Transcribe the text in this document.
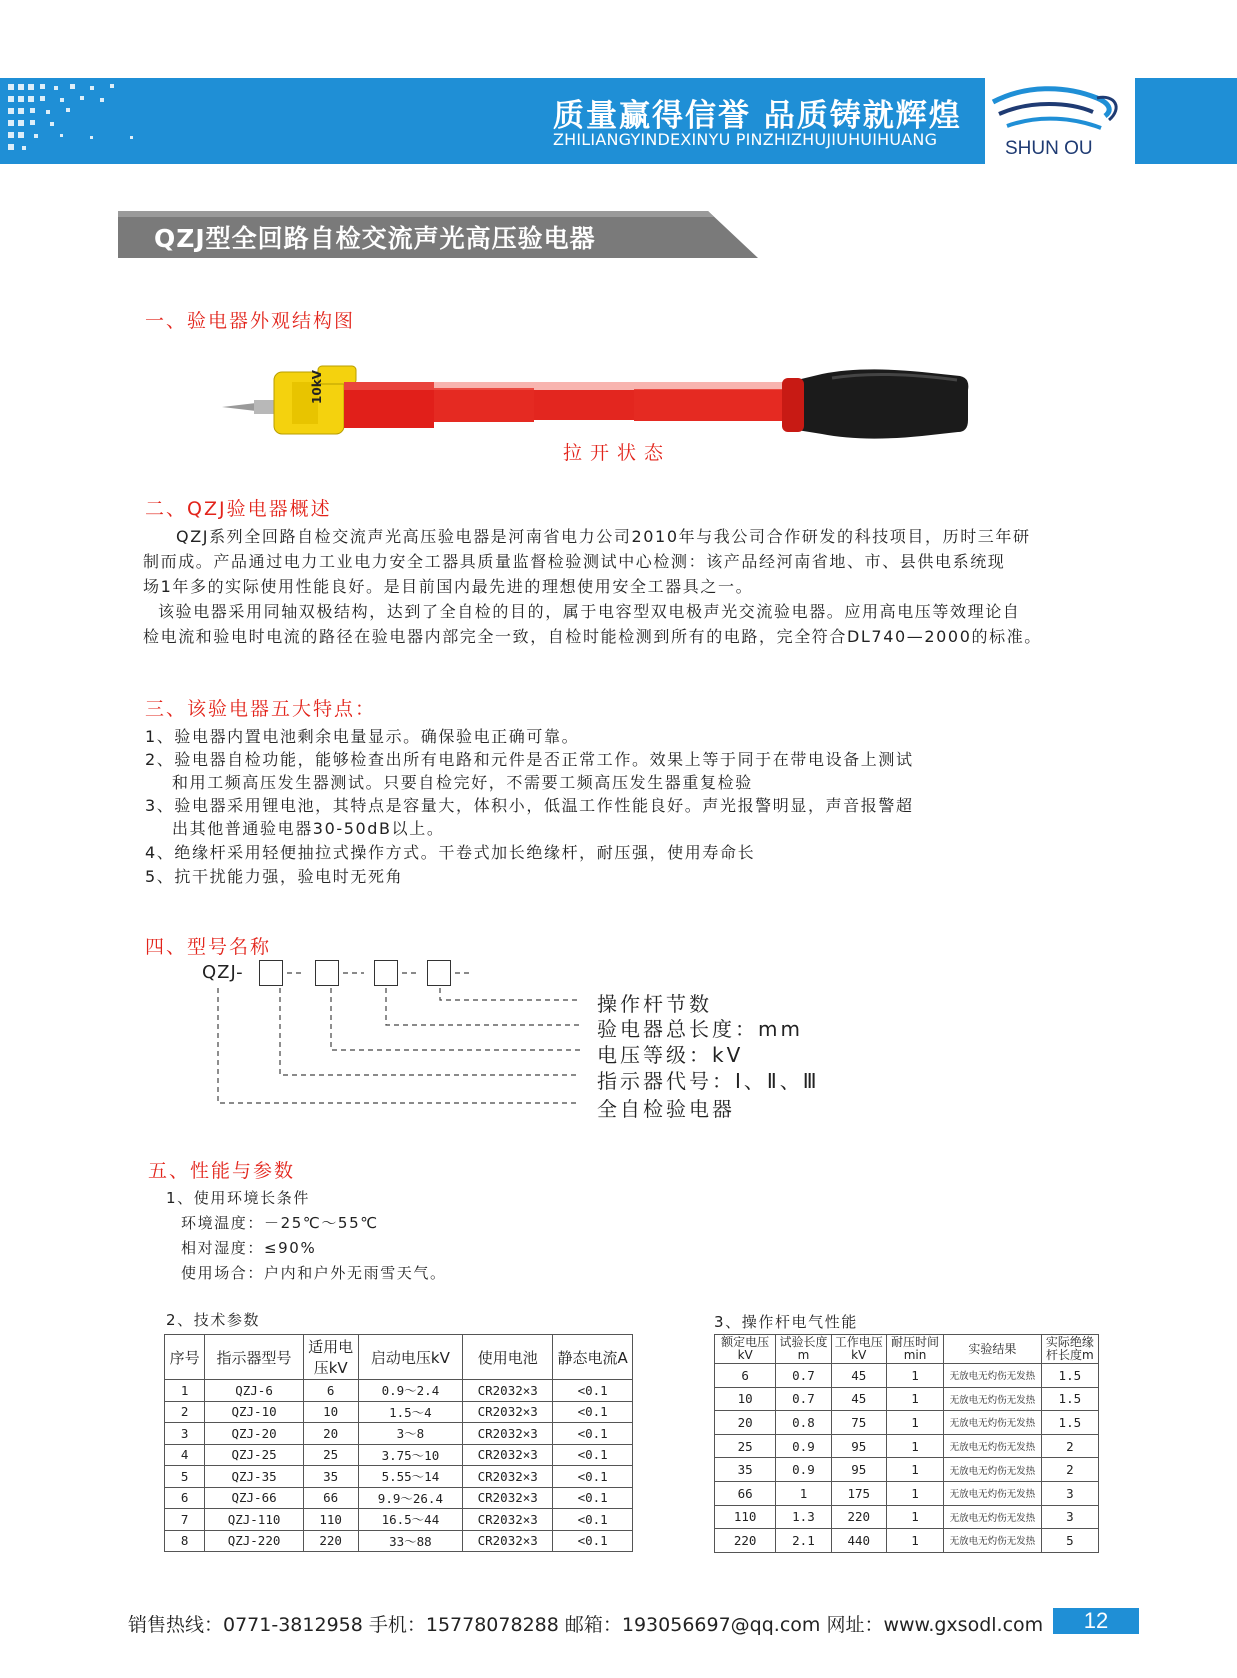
质量赢得信誉 品质铸就辉煌
ZHILIANGYINDEXINYU PINZHIZHUJIUHUIHUANG	SHUN OU
QZJ型全回路自检交流声光高压验电器
一、验电器外观结构图
10kV
拉开状态
二、QZJ验电器概述
QZJ系列全回路自检交流声光高压验电器是河南省电力公司2010年与我公司合作研发的科技项目，历时三年研
制而成。产品通过电力工业电力安全工器具质量监督检验测试中心检测：该产品经河南省地、市、县供电系统现
场1年多的实际使用性能良好。是目前国内最先进的理想使用安全工器具之一。
该验电器采用同轴双极结构，达到了全自检的目的，属于电容型双电极声光交流验电器。应用高电压等效理论自
检电流和验电时电流的路径在验电器内部完全一致，自检时能检测到所有的电路，完全符合DL740—2000的标准。
三、该验电器五大特点：
1、验电器内置电池剩余电量显示。确保验电正确可靠。
2、验电器自检功能，能够检查出所有电路和元件是否正常工作。效果上等于同于在带电设备上测试
和用工频高压发生器测试。只要自检完好，不需要工频高压发生器重复检验
3、验电器采用锂电池，其特点是容量大，体积小，低温工作性能良好。声光报警明显，声音报警超
出其他普通验电器30-50dB以上。
4、绝缘杆采用轻便抽拉式操作方式。干卷式加长绝缘杆，耐压强，使用寿命长
5、抗干扰能力强，验电时无死角
四、型号名称
QZJ-
操作杆节数
验电器总长度：mm
电压等级：kV
指示器代号：Ⅰ、Ⅱ、Ⅲ
全自检验电器
五、性能与参数
1、使用环境长条件
环境温度：－25℃～55℃
相对湿度：≤90%
使用场合：户内和户外无雨雪天气。
2、技术参数	3、操作杆电气性能
序号	指示器型号	适用电压kV	启动电压kV	使用电池	静态电流A
1	QZJ-6	6	0.9～2.4	CR2032×3	<0.1
2	QZJ-10	10	1.5～4	CR2032×3	<0.1
3	QZJ-20	20	3～8	CR2032×3	<0.1
4	QZJ-25	25	3.75～10	CR2032×3	<0.1
5	QZJ-35	35	5.55～14	CR2032×3	<0.1
6	QZJ-66	66	9.9～26.4	CR2032×3	<0.1
7	QZJ-110	110	16.5～44	CR2032×3	<0.1
8	QZJ-220	220	33～88	CR2032×3	<0.1
额定电压kV	试验长度m	工作电压kV	耐压时间min	实验结果	实际绝缘杆长度m
6	0.7	45	1	无放电无灼伤无发热	1.5
10	0.7	45	1	无放电无灼伤无发热	1.5
20	0.8	75	1	无放电无灼伤无发热	1.5
25	0.9	95	1	无放电无灼伤无发热	2
35	0.9	95	1	无放电无灼伤无发热	2
66	1	175	1	无放电无灼伤无发热	3
110	1.3	220	1	无放电无灼伤无发热	3
220	2.1	440	1	无放电无灼伤无发热	5
销售热线：0771-3812958 手机：15778078288 邮箱：193056697@qq.com 网址：www.gxsodl.com	12
